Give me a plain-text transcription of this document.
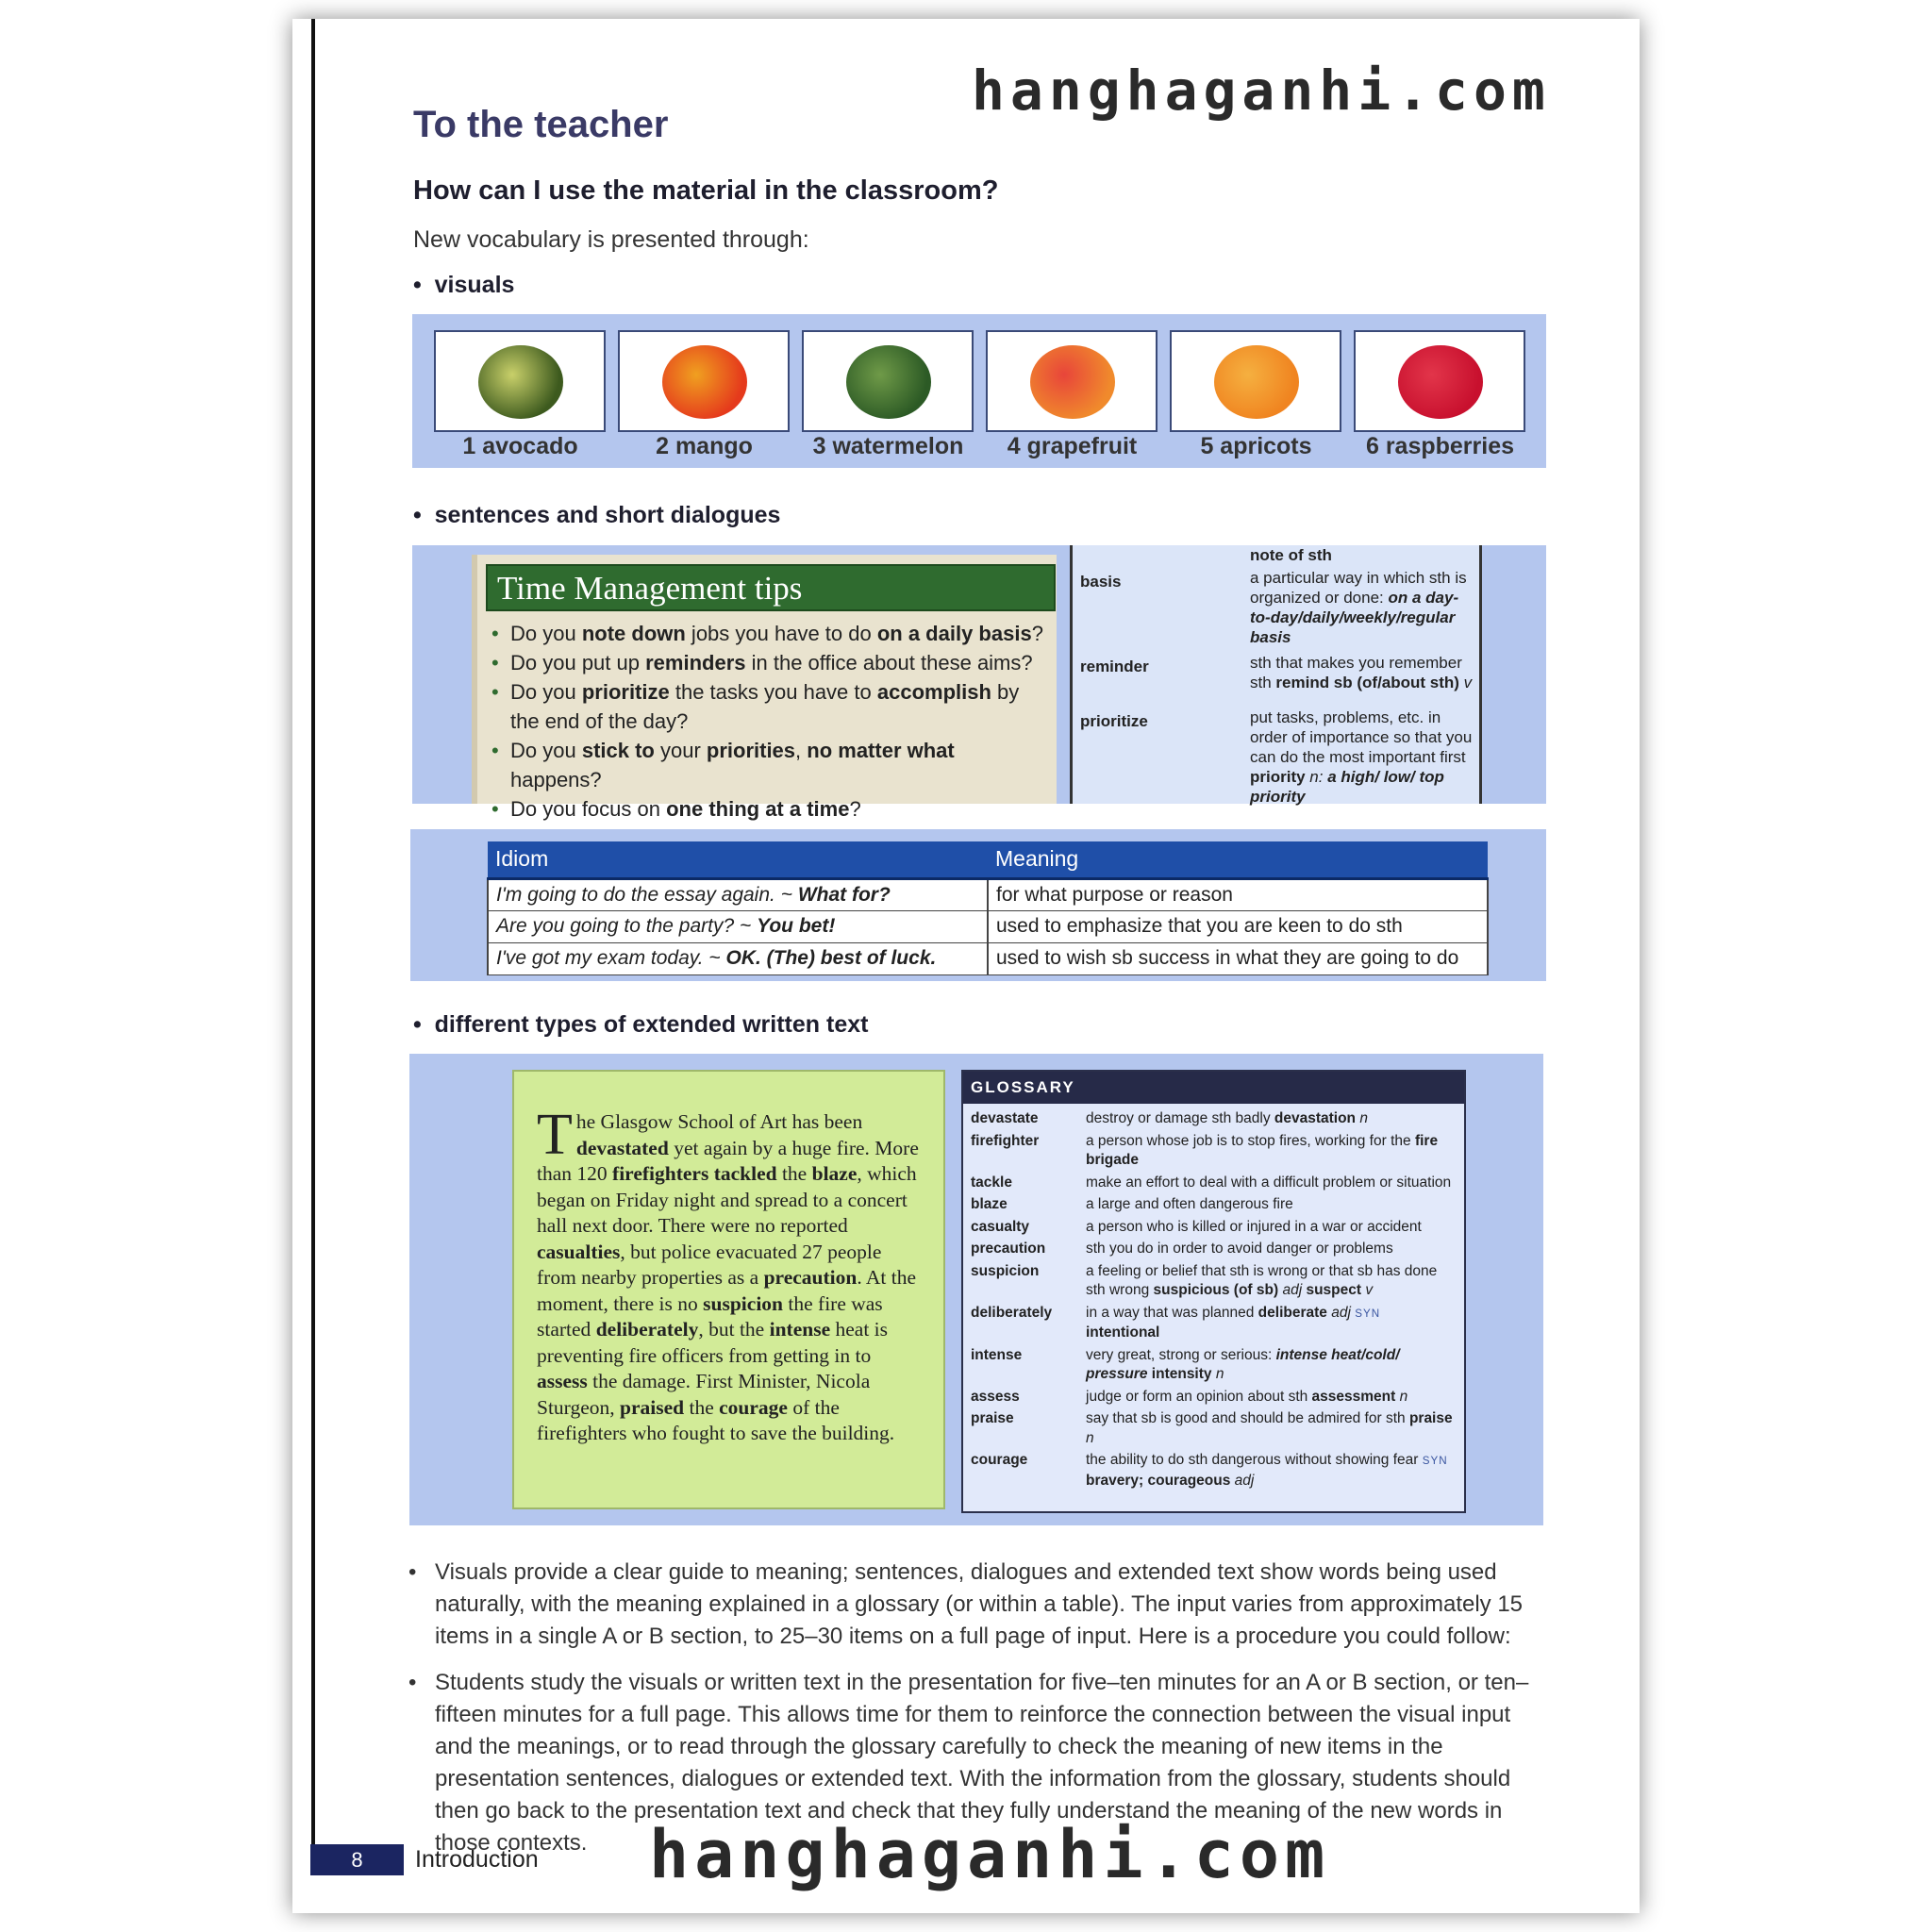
hanghaganhi.com
To the teacher
How can I use the material in the classroom?
New vocabulary is presented through:
•  visuals
1 avocado	2 mango	3 watermelon	4 grapefruit	5 apricots	6 raspberries
•  sentences and short dialogues
Time Management tips
• Do you note down jobs you have to do on a daily basis?
• Do you put up reminders in the office about these aims?
• Do you prioritize the tasks you have to accomplish by the end of the day?
• Do you stick to your priorities, no matter what happens?
• Do you focus on one thing at a time?
note of sth
basis	a particular way in which sth is organized or done: on a day-to-day/daily/weekly/regular basis
reminder	sth that makes you remember sth remind sb (of/about sth) v
prioritize	put tasks, problems, etc. in order of importance so that you can do the most important first priority n: a high/ low/ top priority
Idiom	Meaning
I'm going to do the essay again. ~ What for?	for what purpose or reason
Are you going to the party? ~ You bet!	used to emphasize that you are keen to do sth
I've got my exam today. ~ OK. (The) best of luck.	used to wish sb success in what they are going to do
•  different types of extended written text
The Glasgow School of Art has been devastated yet again by a huge fire. More than 120 firefighters tackled the blaze, which began on Friday night and spread to a concert hall next door. There were no reported casualties, but police evacuated 27 people from nearby properties as a precaution. At the moment, there is no suspicion the fire was started deliberately, but the intense heat is preventing fire officers from getting in to assess the damage. First Minister, Nicola Sturgeon, praised the courage of the firefighters who fought to save the building.
GLOSSARY
devastate	destroy or damage sth badly devastation n
firefighter	a person whose job is to stop fires, working for the fire brigade
tackle	make an effort to deal with a difficult problem or situation
blaze	a large and often dangerous fire
casualty	a person who is killed or injured in a war or accident
precaution	sth you do in order to avoid danger or problems
suspicion	a feeling or belief that sth is wrong or that sb has done sth wrong suspicious (of sb) adj suspect v
deliberately	in a way that was planned deliberate adj SYN intentional
intense	very great, strong or serious: intense heat/cold/ pressure intensity n
assess	judge or form an opinion about sth assessment n
praise	say that sb is good and should be admired for sth praise n
courage	the ability to do sth dangerous without showing fear SYN bravery; courageous adj
• Visuals provide a clear guide to meaning; sentences, dialogues and extended text show words being used naturally, with the meaning explained in a glossary (or within a table). The input varies from approximately 15 items in a single A or B section, to 25–30 items on a full page of input. Here is a procedure you could follow:
• Students study the visuals or written text in the presentation for five–ten minutes for an A or B section, or ten–fifteen minutes for a full page. This allows time for them to reinforce the connection between the visual input and the meanings, or to read through the glossary carefully to check the meaning of new items in the presentation sentences, dialogues or extended text. With the information from the glossary, students should then go back to the presentation text and check that they fully understand the meaning of the new words in those contexts.
8	Introduction hanghaganhi.com
